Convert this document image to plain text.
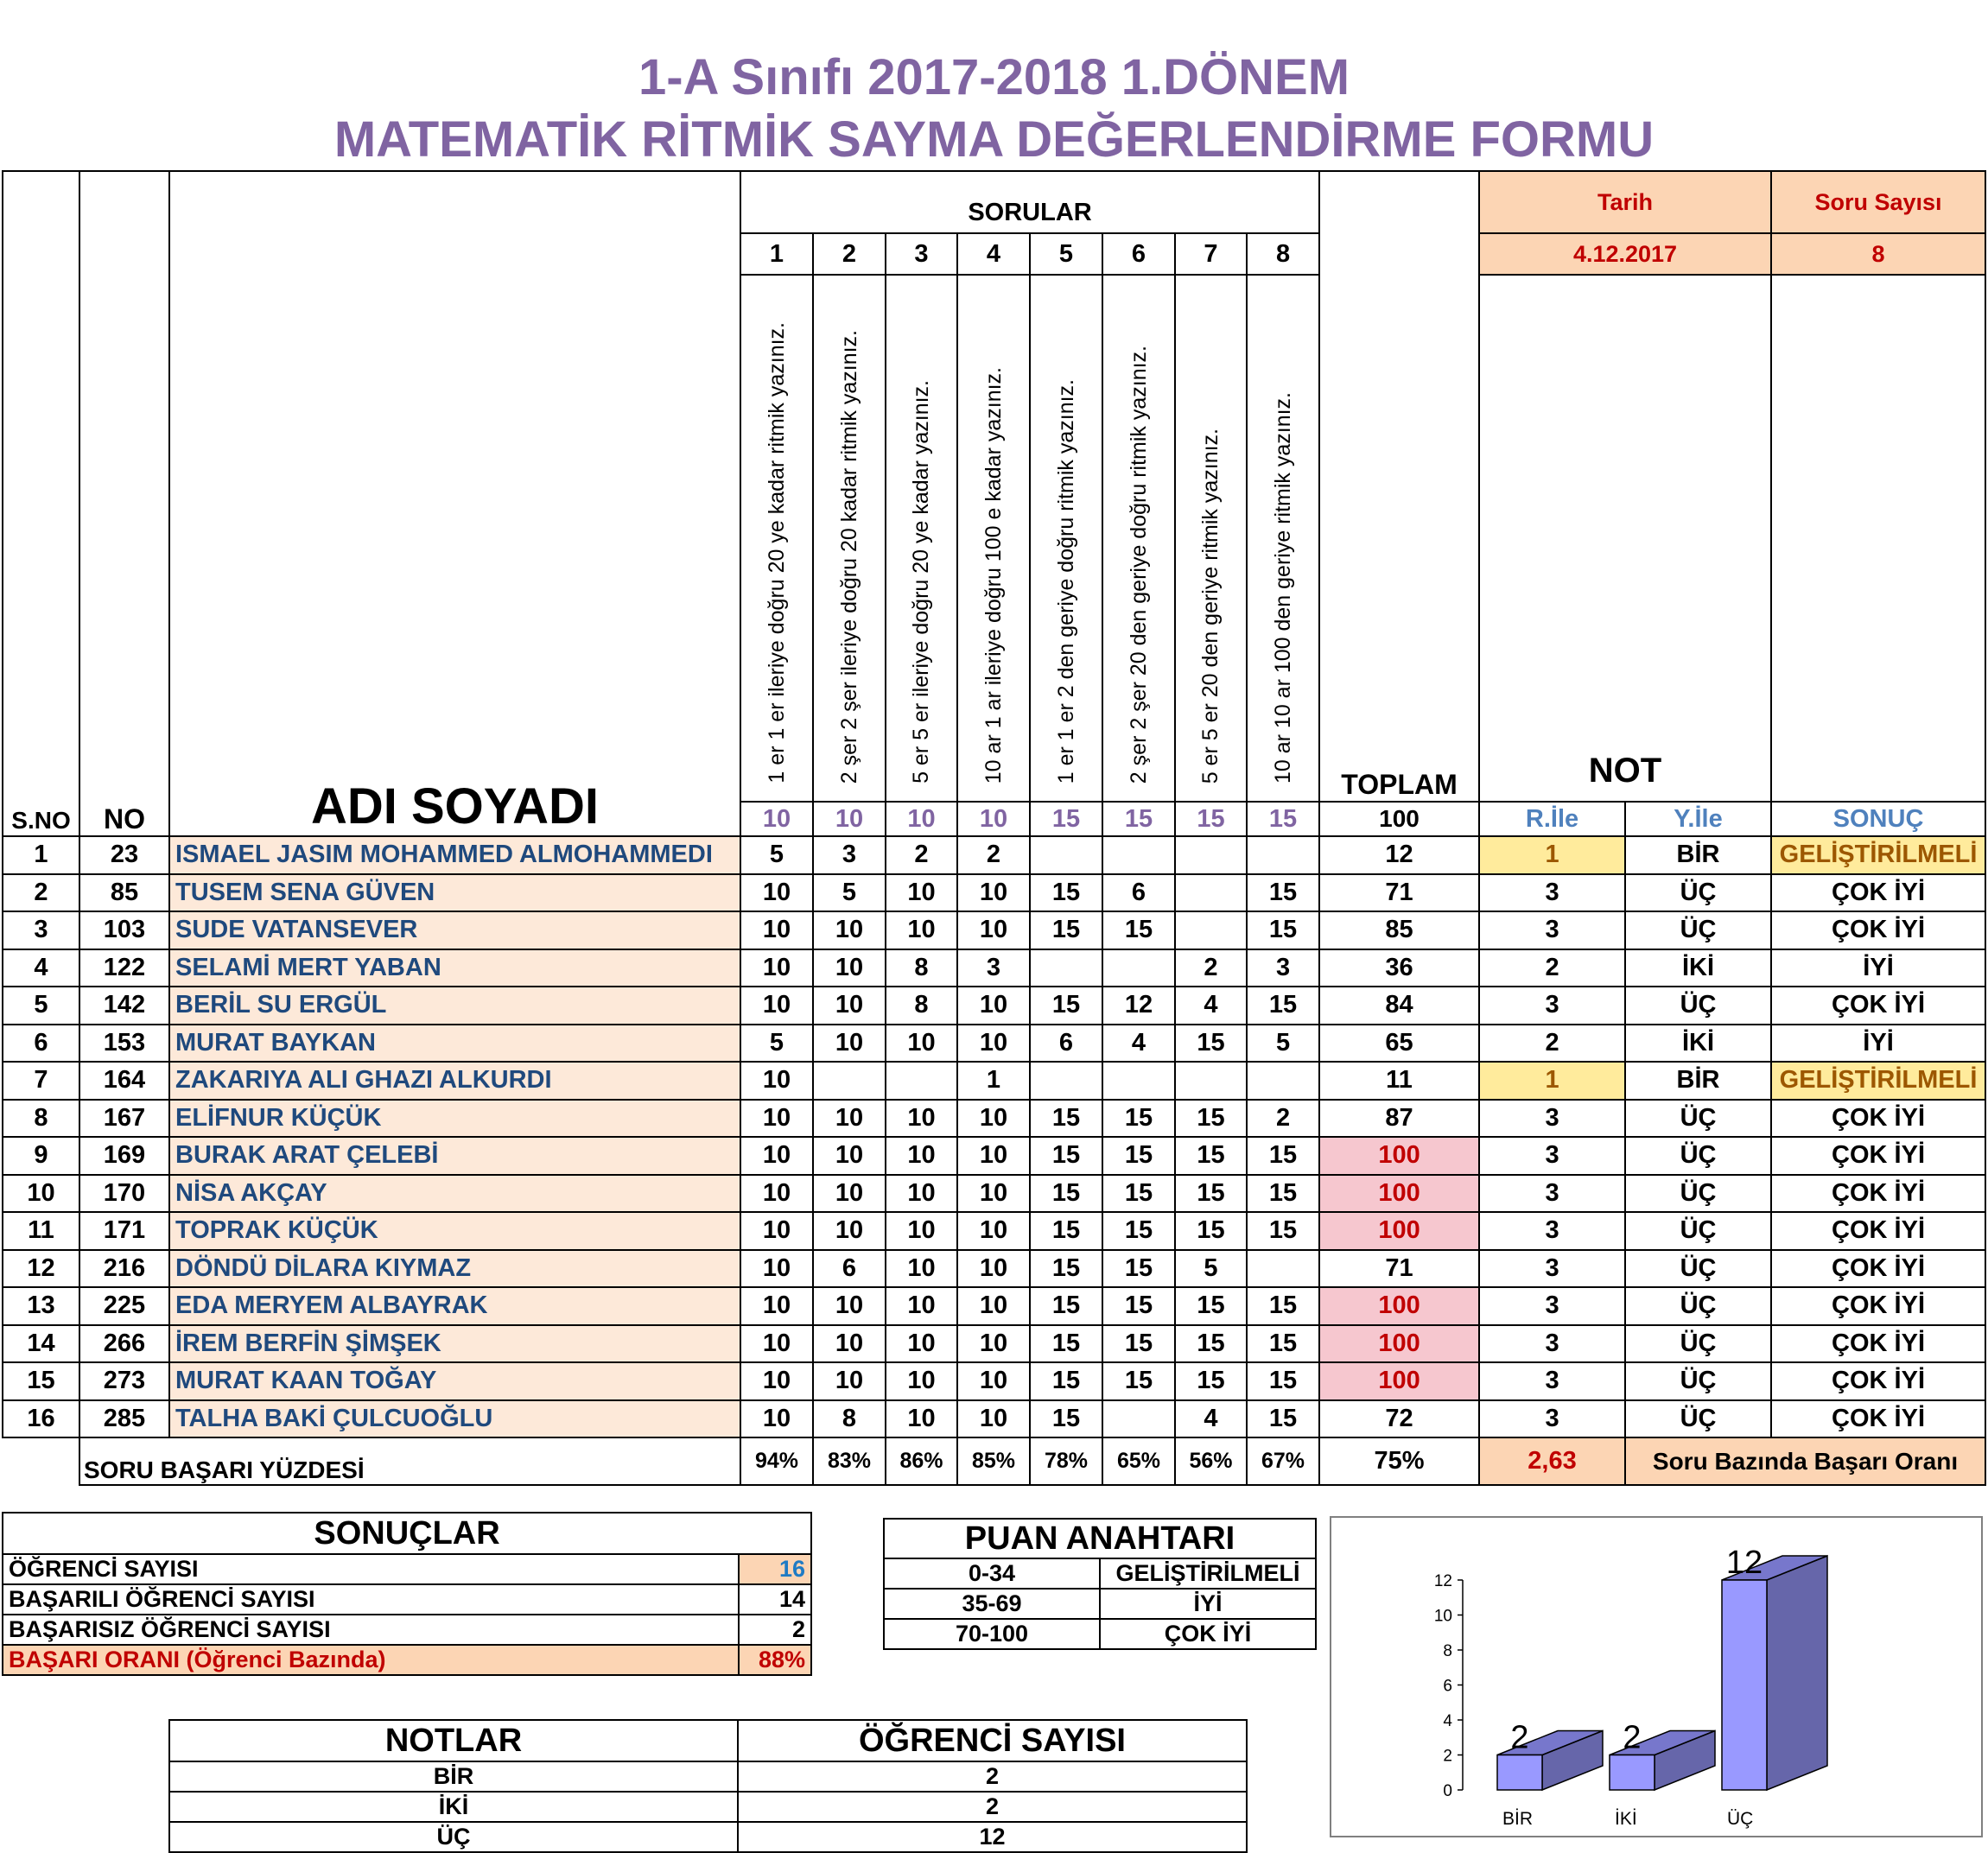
1-A Sınıfı 2017-2018 1.DÖNEM
MATEMATİK RİTMİK SAYMA DEĞERLENDİRME FORMU
S.NO	NO	ADI SOYADI	SORULAR								TOPLAM	Tarih		Soru Sayısı
			1	2	3	4	5	6	7	8		4.12.2017		8
			1 er 1 er ileriye doğru 20 ye kadar ritmik yazınız.	2 şer 2 şer ileriye doğru 20 kadar ritmik yazınız.	5 er 5 er ileriye doğru 20 ye kadar yazınız.	10 ar 1 ar ileriye doğru 100 e kadar yazınız.	1 er 1 er 2 den geriye doğru ritmik yazınız.	2 şer 2 şer 20 den geriye doğru ritmik yazınız.	5 er 5 er 20 den geriye ritmik yazınız.	10 ar 10 ar 100 den geriye ritmik yazınız.		NOT		
			10	10	10	10	15	15	15	15	100	R.İle	Y.İle	SONUÇ
1	23	ISMAEL JASIM MOHAMMED ALMOHAMMEDI	5	3	2	2					12	1	BİR	GELİŞTİRİLMELİ
2	85	TUSEM SENA GÜVEN	10	5	10	10	15	6		15	71	3	ÜÇ	ÇOK İYİ
3	103	SUDE VATANSEVER	10	10	10	10	15	15		15	85	3	ÜÇ	ÇOK İYİ
4	122	SELAMİ MERT YABAN	10	10	8	3			2	3	36	2	İKİ	İYİ
5	142	BERİL SU ERGÜL	10	10	8	10	15	12	4	15	84	3	ÜÇ	ÇOK İYİ
6	153	MURAT BAYKAN	5	10	10	10	6	4	15	5	65	2	İKİ	İYİ
7	164	ZAKARIYA ALI GHAZI ALKURDI	10			1					11	1	BİR	GELİŞTİRİLMELİ
8	167	ELİFNUR KÜÇÜK	10	10	10	10	15	15	15	2	87	3	ÜÇ	ÇOK İYİ
9	169	BURAK ARAT ÇELEBİ	10	10	10	10	15	15	15	15	100	3	ÜÇ	ÇOK İYİ
10	170	NİSA AKÇAY	10	10	10	10	15	15	15	15	100	3	ÜÇ	ÇOK İYİ
11	171	TOPRAK KÜÇÜK	10	10	10	10	15	15	15	15	100	3	ÜÇ	ÇOK İYİ
12	216	DÖNDÜ DİLARA KIYMAZ	10	6	10	10	15	15	5		71	3	ÜÇ	ÇOK İYİ
13	225	EDA MERYEM ALBAYRAK	10	10	10	10	15	15	15	15	100	3	ÜÇ	ÇOK İYİ
14	266	İREM BERFİN ŞİMŞEK	10	10	10	10	15	15	15	15	100	3	ÜÇ	ÇOK İYİ
15	273	MURAT KAAN TOĞAY	10	10	10	10	15	15	15	15	100	3	ÜÇ	ÇOK İYİ
16	285	TALHA BAKİ ÇULCUOĞLU	10	8	10	10	15		4	15	72	3	ÜÇ	ÇOK İYİ
	SORU BAŞARI YÜZDESİ		94%	83%	86%	85%	78%	65%	56%	67%	75%	2,63	Soru Bazında Başarı Oranı	
SONUÇLAR	
ÖĞRENCİ SAYISI	16
BAŞARILI ÖĞRENCİ SAYISI	14
BAŞARISIZ ÖĞRENCİ SAYISI	2
BAŞARI ORANI (Öğrenci Bazında)	88%
PUAN ANAHTARI	
0-34	GELİŞTİRİLMELİ
35-69	İYİ
70-100	ÇOK İYİ
NOTLAR	ÖĞRENCİ SAYISI
BİR	2
İKİ	2
ÜÇ	12
0
2
4
6
8
10
12
2
BİR
2
İKİ
12
ÜÇ
